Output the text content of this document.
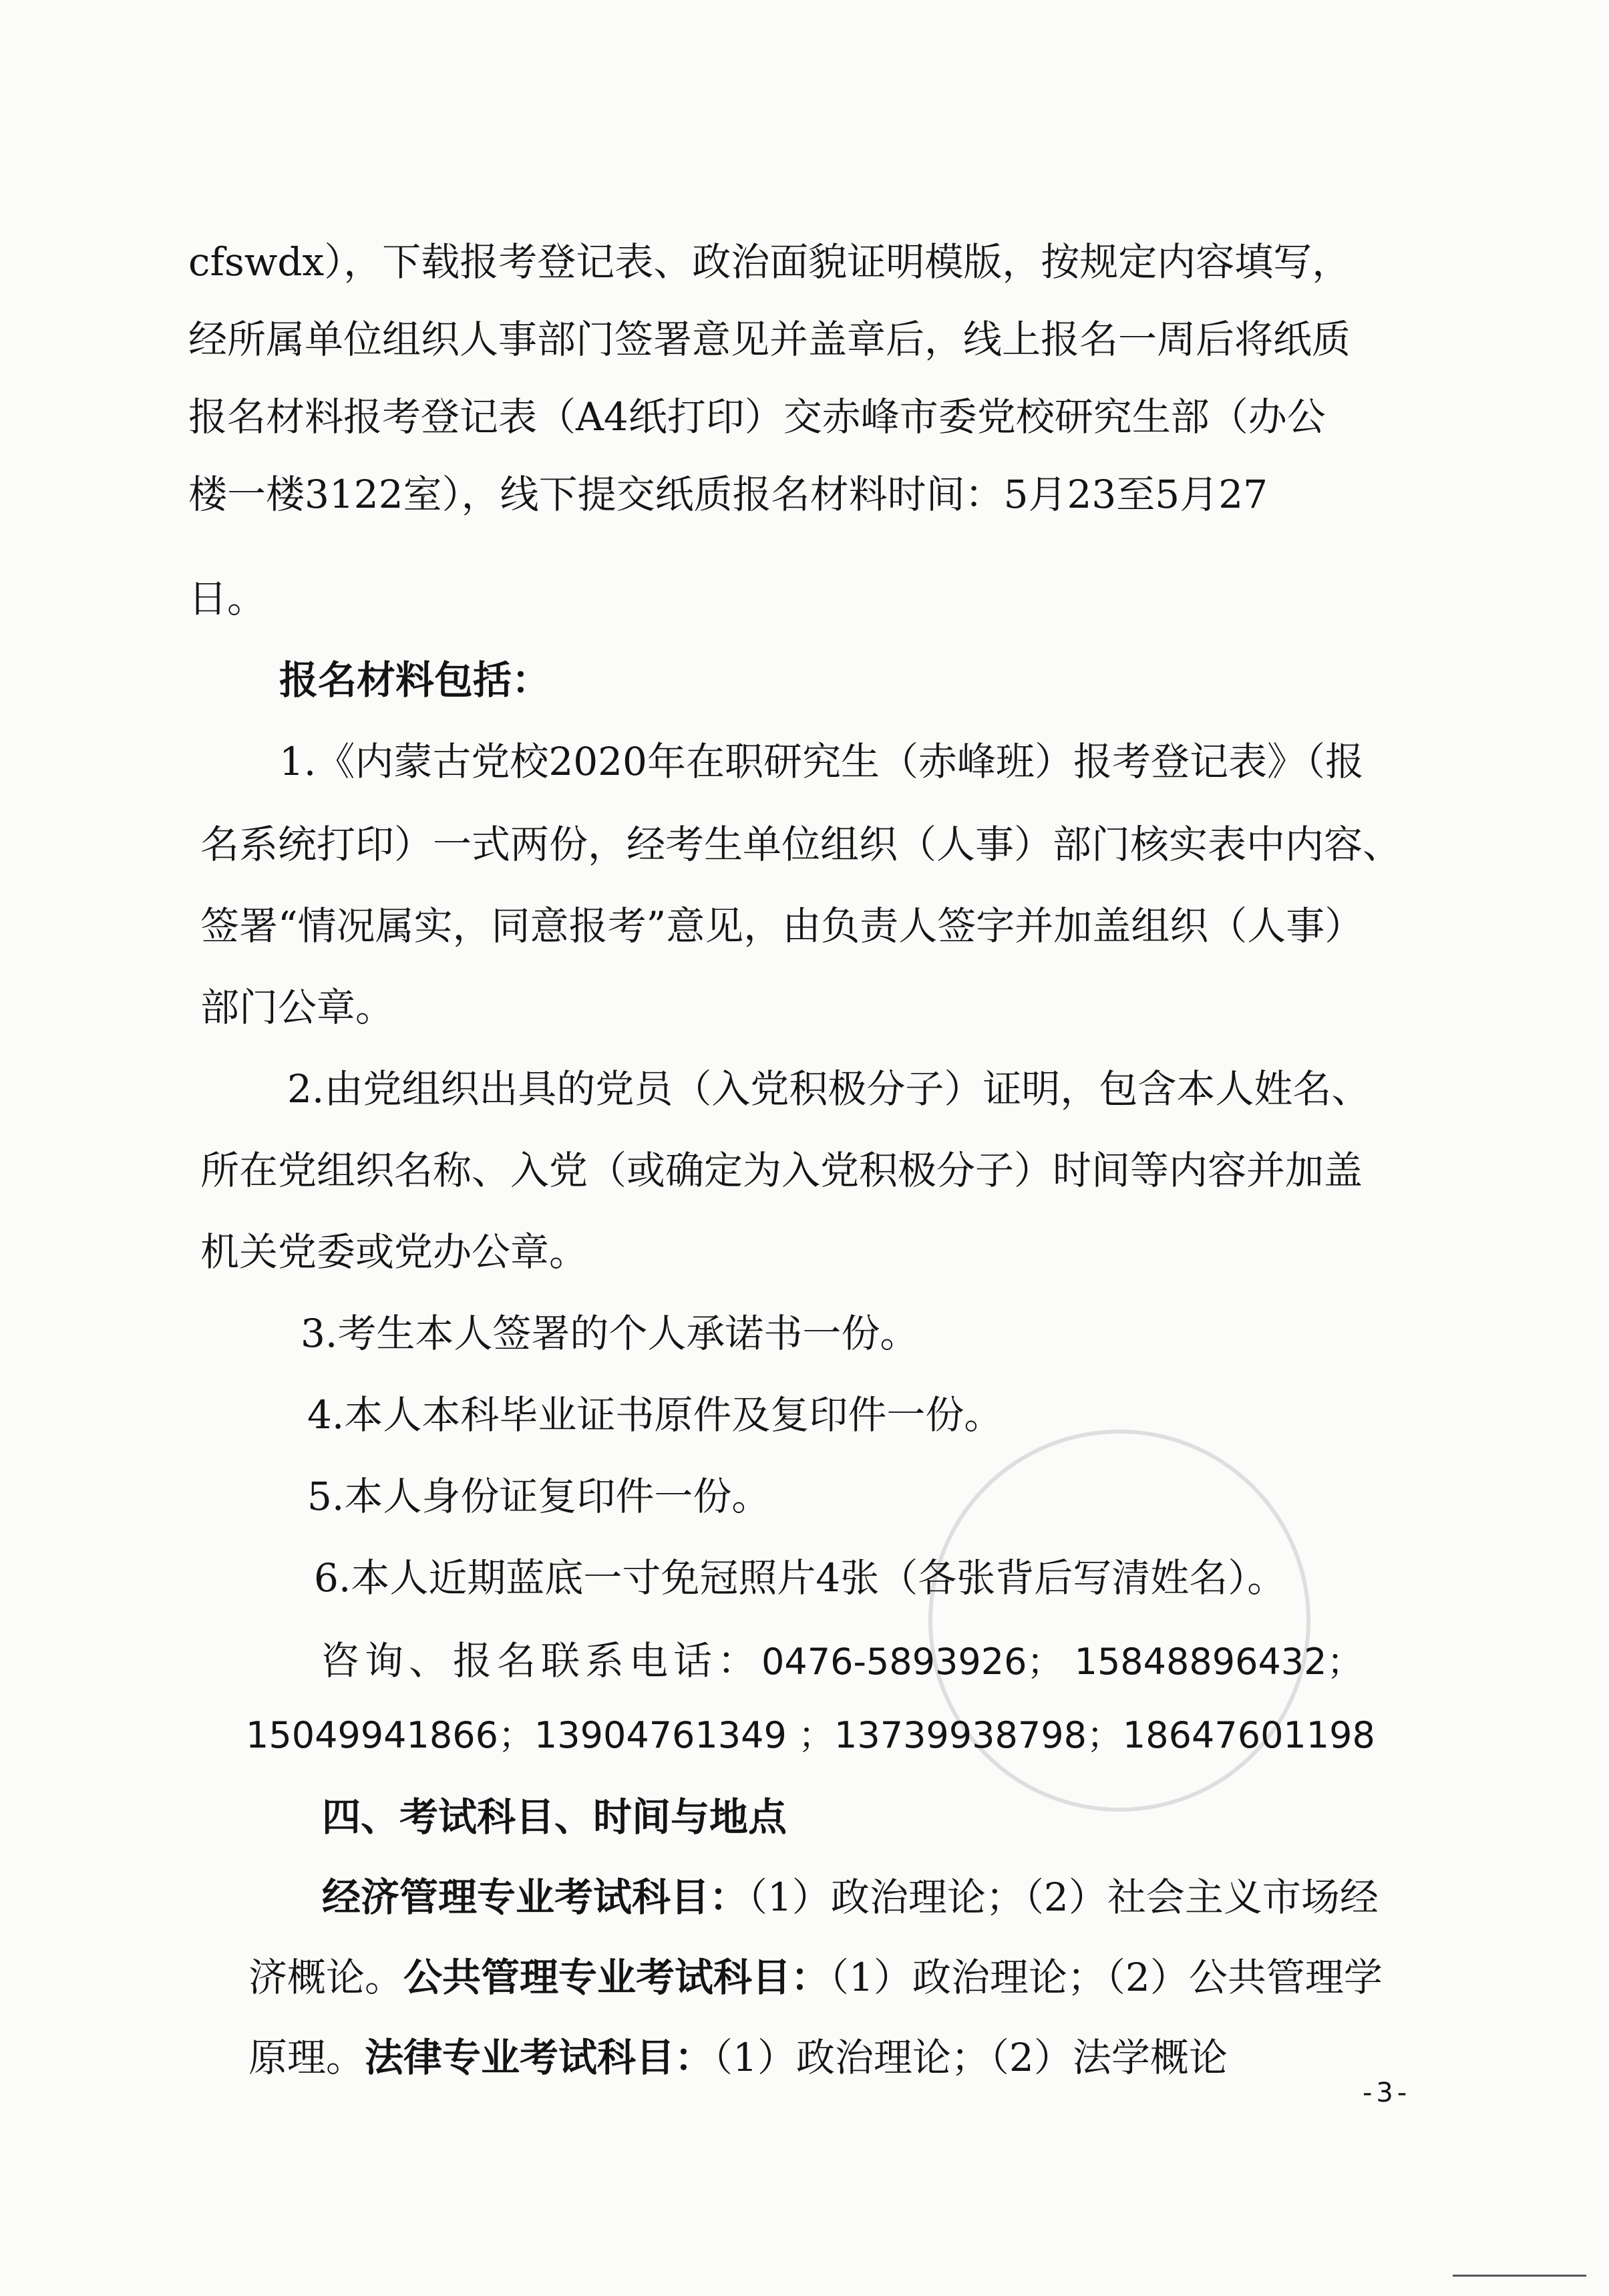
cfswdx），下载报考登记表、政治面貌证明模版，按规定内容填写，
经所属单位组织人事部门签署意见并盖章后，线上报名一周后将纸质
报名材料报考登记表（A4纸打印）交赤峰市委党校研究生部（办公
楼一楼3122室），线下提交纸质报名材料时间：5月23至5月27
日。
报名材料包括：
1.《内蒙古党校2020年在职研究生（赤峰班）报考登记表》（报
名系统打印）一式两份，经考生单位组织（人事）部门核实表中内容、
签署“情况属实，同意报考”意见，由负责人签字并加盖组织（人事）
部门公章。
2.由党组织出具的党员（入党积极分子）证明，包含本人姓名、
所在党组织名称、入党（或确定为入党积极分子）时间等内容并加盖
机关党委或党办公章。
3.考生本人签署的个人承诺书一份。
4.本人本科毕业证书原件及复印件一份。
5.本人身份证复印件一份。
6.本人近期蓝底一寸免冠照片4张（各张背后写清姓名）。
咨询、报名联系电话：0476-5893926； 15848896432；
15049941866；13904761349 ；13739938798；18647601198
四、考试科目、时间与地点
经济管理专业考试科目：（1）政治理论；（2）社会主义市场经
济概论。公共管理专业考试科目：（1）政治理论；（2）公共管理学
原理。法律专业考试科目：（1）政治理论；（2）法学概论
-3-
